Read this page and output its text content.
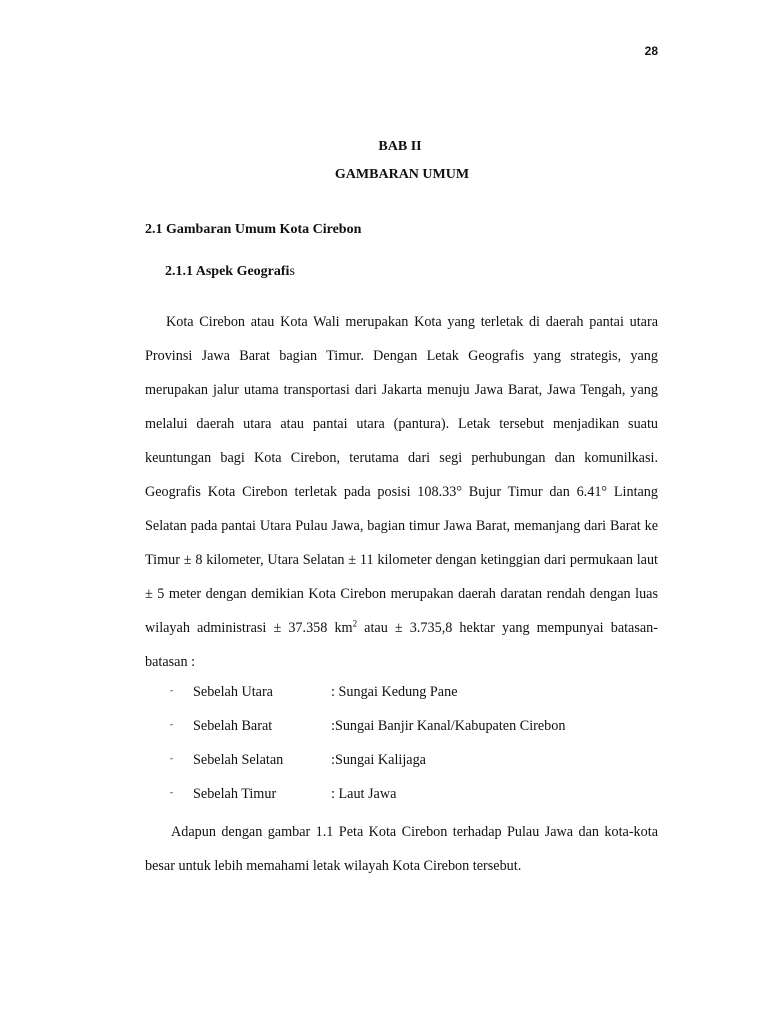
28
BAB II
GAMBARAN UMUM
2.1 Gambaran Umum Kota Cirebon
2.1.1 Aspek Geografis

Kota Cirebon atau Kota Wali merupakan Kota yang terletak di daerah pantai utara Provinsi Jawa Barat bagian Timur. Dengan Letak Geografis yang strategis, yang merupakan jalur utama transportasi dari Jakarta menuju Jawa Barat, Jawa Tengah, yang melalui daerah utara atau pantai utara (pantura). Letak tersebut menjadikan suatu keuntungan bagi Kota Cirebon, terutama dari segi perhubungan dan komunilkasi. Geografis Kota Cirebon terletak pada posisi 108.33° Bujur Timur dan 6.41° Lintang Selatan pada pantai Utara Pulau Jawa, bagian timur Jawa Barat, memanjang dari Barat ke Timur ± 8 kilometer, Utara Selatan ± 11 kilometer dengan ketinggian dari permukaan laut ± 5 meter dengan demikian Kota Cirebon merupakan daerah daratan rendah dengan luas wilayah administrasi ± 37.358 $km^2$ atau ± 3.735,8 hektar yang mempunyai batasan-batasan :

- Sebelah Utara	: Sungai Kedung Pane
- Sebelah Barat	:Sungai Banjir Kanal/Kabupaten Cirebon
- Sebelah Selatan	:Sungai Kalijaga
- Sebelah Timur	: Laut Jawa

Adapun dengan gambar 1.1 Peta Kota Cirebon terhadap Pulau Jawa dan kota-kota besar untuk lebih memahami letak wilayah Kota Cirebon tersebut.
